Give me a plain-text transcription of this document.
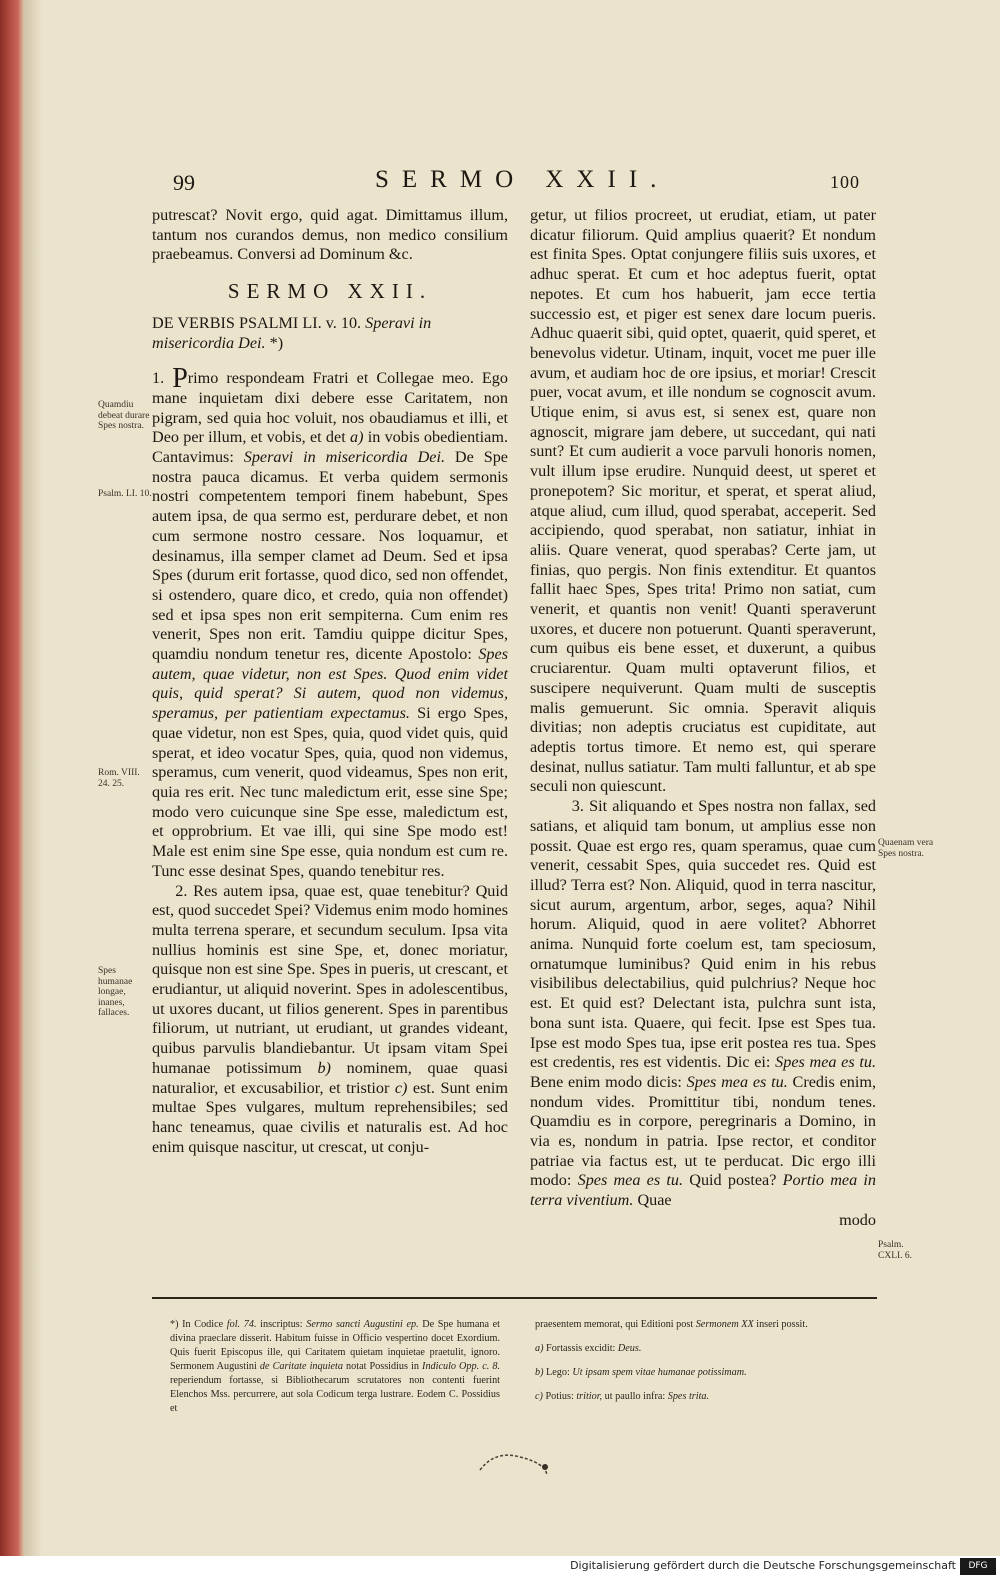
99	SERMO XXII.	100

putrescat? Novit ergo, quid agat. Dimittamus illum, tantum nos curandos demus, non medico consilium praebeamus. Conversi ad Dominum &c.

SERMO XXII.
DE VERBIS PSALMI LI. v. 10. Speravi in misericordia Dei. *)

1. Primo respondeam Fratri et Collegae meo. Ego mane inquietam dixi debere esse Caritatem, non pigram, sed quia hoc voluit, nos obaudiamus et illi, et Deo per illum, et vobis, et det a) in vobis obedientiam. Cantavimus: Speravi in misericordia Dei. De Spe nostra pauca dicamus. Et verba quidem sermonis nostri competentem tempori finem habebunt, Spes autem ipsa, de qua sermo est, perdurare debet, et non cum sermone nostro cessare. Nos loquamur, et desinamus, illa semper clamet ad Deum. Sed et ipsa Spes (durum erit fortasse, quod dico, sed non offendet, si ostendero, quare dico, et credo, quia non offendet) sed et ipsa spes non erit sempiterna. Cum enim res venerit, Spes non erit. Tamdiu quippe dicitur Spes, quamdiu nondum tenetur res, dicente Apostolo: Spes autem, quae videtur, non est Spes. Quod enim videt quis, quid sperat? Si autem, quod non videmus, speramus, per patientiam expectamus. Si ergo Spes, quae videtur, non est Spes, quia, quod videt quis, quid sperat, et ideo vocatur Spes, quia, quod non videmus, speramus, cum venerit, quod videamus, Spes non erit, quia res erit. Nec tunc maledictum erit, esse sine Spe; modo vero cuicunque sine Spe esse, maledictum est, et opprobrium. Et vae illi, qui sine Spe modo est! Male est enim sine Spe esse, quia nondum est cum re. Tunc esse desinat Spes, quando tenebitur res.

2. Res autem ipsa, quae est, quae tenebitur? Quid est, quod succedet Spei? Videmus enim modo homines multa terrena sperare, et secundum seculum. Ipsa vita nullius hominis est sine Spe, et, donec moriatur, quisque non est sine Spe. Spes in pueris, ut crescant, et erudiantur, ut aliquid noverint. Spes in adolescentibus, ut uxores ducant, ut filios generent. Spes in parentibus filiorum, ut nutriant, ut erudiant, ut grandes videant, quibus parvulis blandiebantur. Ut ipsam vitam Spei humanae potissimum b) nominem, quae quasi naturalior, et excusabilior, et tristior c) est. Sunt enim multae Spes vulgares, multum reprehensibiles; sed hanc teneamus, quae civilis et naturalis est. Ad hoc enim quisque nascitur, ut crescat, ut conju-

getur, ut filios procreet, ut erudiat, etiam, ut pater dicatur filiorum. Quid amplius quaerit? Et nondum est finita Spes. Optat conjungere filiis suis uxores, et adhuc sperat. Et cum et hoc adeptus fuerit, optat nepotes. Et cum hos habuerit, jam ecce tertia successio est, et piger est senex dare locum pueris. Adhuc quaerit sibi, quid optet, quaerit, quid speret, et benevolus videtur. Utinam, inquit, vocet me puer ille avum, et audiam hoc de ore ipsius, et moriar! Crescit puer, vocat avum, et ille nondum se cognoscit avum. Utique enim, si avus est, si senex est, quare non agnoscit, migrare jam debere, ut succedant, qui nati sunt? Et cum audierit a voce parvuli honoris nomen, vult illum ipse erudire. Nunquid deest, ut speret et pronepotem? Sic moritur, et sperat, et sperat aliud, atque aliud, cum illud, quod sperabat, acceperit. Sed accipiendo, quod sperabat, non satiatur, inhiat in aliis. Quare venerat, quod sperabas? Certe jam, ut finias, quo pergis. Non finis extenditur. Et quantos fallit haec Spes, Spes trita! Primo non satiat, cum venerit, et quantis non venit! Quanti speraverunt uxores, et ducere non potuerunt. Quanti speraverunt, cum quibus eis bene esset, et duxerunt, a quibus cruciarentur. Quam multi optaverunt filios, et suscipere nequiverunt. Quam multi de susceptis malis gemuerunt. Sic omnia. Speravit aliquis divitias; non adeptis cruciatus est cupiditate, aut adeptis tortus timore. Et nemo est, qui sperare desinat, nullus satiatur. Tam multi falluntur, et ab spe seculi non quiescunt.

3. Sit aliquando et Spes nostra non fallax, sed satians, et aliquid tam bonum, ut amplius esse non possit. Quae est ergo res, quam speramus, quae cum venerit, cessabit Spes, quia succedet res. Quid est illud? Terra est? Non. Aliquid, quod in terra nascitur, sicut aurum, argentum, arbor, seges, aqua? Nihil horum. Aliquid, quod in aere volitet? Abhorret anima. Nunquid forte coelum est, tam speciosum, ornatumque luminibus? Quid enim in his rebus visibilibus delectabilius, quid pulchrius? Neque hoc est. Et quid est? Delectant ista, pulchra sunt ista, bona sunt ista. Quaere, qui fecit. Ipse est Spes tua. Ipse est modo Spes tua, ipse erit postea res tua. Spes est credentis, res est videntis. Dic ei: Spes mea es tu. Bene enim modo dicis: Spes mea es tu. Credis enim, nondum vides. Promittitur tibi, nondum tenes. Quamdiu es in corpore, peregrinaris a Domino, in via es, nondum in patria. Ipse rector, et conditor patriae via factus est, ut te perducat. Dic ergo illi modo: Spes mea es tu. Quid postea? Portio mea in terra viventium. Quae

modo

Quamdiu debeat durare Spes nostra.
Psalm. LI. 10.
Rom. VIII. 24. 25.
Spes humanae longae, inanes, fallaces.
Quaenam vera Spes nostra.
Psalm. CXLI. 6.

*) In Codice fol. 74. inscriptus: Sermo sancti Augustini ep. De Spe humana et divina praeclare disserit. Habitum fuisse in Officio vespertino docet Exordium. Quis fuerit Episcopus ille, qui Caritatem quietam inquietae praetulit, ignoro. Sermonem Augustini de Caritate inquieta notat Possidius in Indiculo Opp. c. 8. reperiendum fortasse, si Bibliothecarum scrutatores non contenti fuerint Elenchos Mss. percurrere, aut sola Codicum terga lustrare. Eodem C. Possidius et

praesentem memorat, qui Editioni post Sermonem XX inseri possit.

a) Fortassis excidit: Deus.

b) Lego: Ut ipsam spem vitae humanae potissimam.

c) Potius: tritior, ut paullo infra: Spes trita.

Digitalisierung gefördert durch die Deutsche Forschungsgemeinschaft	DFG
